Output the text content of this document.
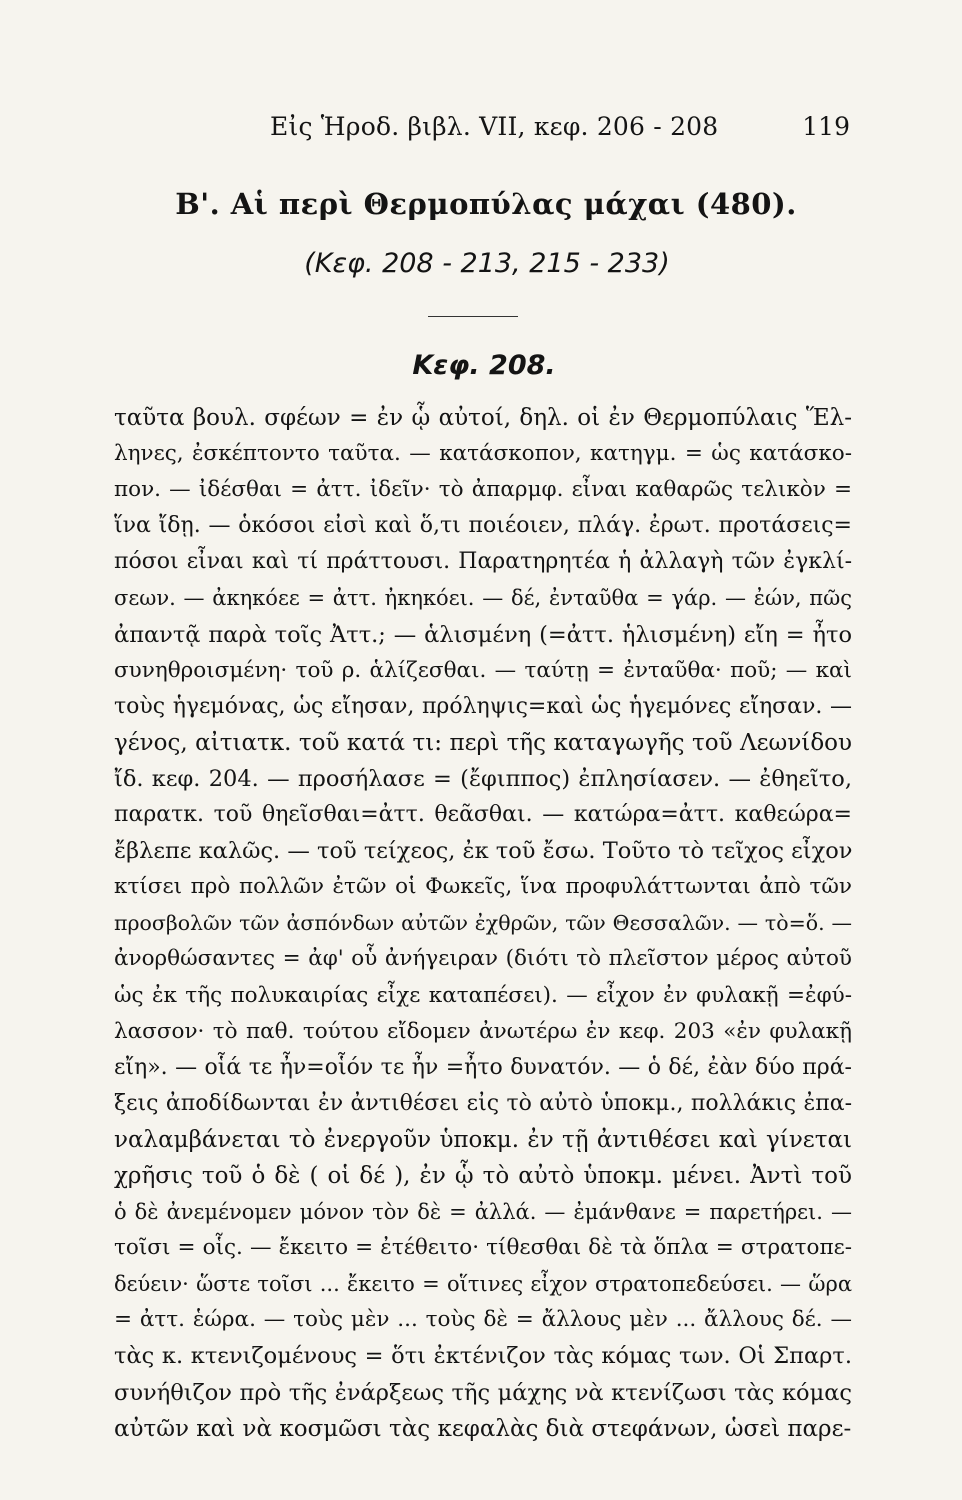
Εἰς Ἡροδ. βιβλ. VII, κεφ. 206 - 208	119
Β'. Αἱ περὶ Θερμοπύλας μάχαι (480).
(Κεφ. 208 - 213, 215 - 233)
Κεφ. 208.
ταῦτα βουλ. σφέων = ἐν ᾧ αὐτοί, δηλ. οἱ ἐν Θερμοπύλαις Ἕλ-
ληνες, ἐσκέπτοντο ταῦτα. — κατάσκοπον, κατηγμ. = ὡς κατάσκο-
πον. — ἰδέσθαι = ἀττ. ἰδεῖν· τὸ ἀπαρμφ. εἶναι καθαρῶς τελικὸν =
ἵνα ἴδῃ. — ὁκόσοι εἰσὶ καὶ ὅ,τι ποιέοιεν, πλάγ. ἐρωτ. προτάσεις=
πόσοι εἶναι καὶ τί πράττουσι. Παρατηρητέα ἡ ἀλλαγὴ τῶν ἐγκλί-
σεων. — ἀκηκόεε = ἀττ. ἠκηκόει. — δέ, ἐνταῦθα = γάρ. — ἐών, πῶς
ἀπαντᾷ παρὰ τοῖς Ἀττ.; — ἁλισμένη (=ἀττ. ἡλισμένη) εἴη = ἦτο
συνηθροισμένη· τοῦ ρ. ἁλίζεσθαι. — ταύτῃ = ἐνταῦθα· ποῦ; — καὶ
τοὺς ἡγεμόνας, ὡς εἴησαν, πρόληψις=καὶ ὡς ἡγεμόνες εἴησαν. —
γένος, αἰτιατκ. τοῦ κατά τι: περὶ τῆς καταγωγῆς τοῦ Λεωνίδου
ἴδ. κεφ. 204. — προσήλασε = (ἔφιππος) ἐπλησίασεν. — ἐθηεῖτο,
παρατκ. τοῦ θηεῖσθαι=ἀττ. θεᾶσθαι. — κατώρα=ἀττ. καθεώρα=
ἔβλεπε καλῶς. — τοῦ τείχεος, ἐκ τοῦ ἔσω. Τοῦτο τὸ τεῖχος εἶχον
κτίσει πρὸ πολλῶν ἐτῶν οἱ Φωκεῖς, ἵνα προφυλάττωνται ἀπὸ τῶν
προσβολῶν τῶν ἀσπόνδων αὐτῶν ἐχθρῶν, τῶν Θεσσαλῶν. — τὸ=ὅ. —
ἀνορθώσαντες = ἀφ' οὗ ἀνήγειραν (διότι τὸ πλεῖστον μέρος αὐτοῦ
ὡς ἐκ τῆς πολυκαιρίας εἶχε καταπέσει). — εἶχον ἐν φυλακῇ =ἐφύ-
λασσον· τὸ παθ. τούτου εἴδομεν ἀνωτέρω ἐν κεφ. 203 «ἐν φυλακῇ
εἴη». — οἷά τε ἦν=οἷόν τε ἦν =ἦτο δυνατόν. — ὁ δέ, ἐὰν δύο πρά-
ξεις ἀποδίδωνται ἐν ἀντιθέσει εἰς τὸ αὐτὸ ὑποκμ., πολλάκις ἐπα-
ναλαμβάνεται τὸ ἐνεργοῦν ὑποκμ. ἐν τῇ ἀντιθέσει καὶ γίνεται
χρῆσις τοῦ ὁ δὲ ( οἱ δέ ), ἐν ᾧ τὸ αὐτὸ ὑποκμ. μένει. Ἀντὶ τοῦ
ὁ δὲ ἀνεμένομεν μόνον τὸν δὲ = ἀλλά. — ἐμάνθανε = παρετήρει. —
τοῖσι = οἷς. — ἔκειτο = ἐτέθειτο· τίθεσθαι δὲ τὰ ὅπλα = στρατοπε-
δεύειν· ὥστε τοῖσι ... ἔκειτο = οἵτινες εἶχον στρατοπεδεύσει. — ὥρα
= ἀττ. ἑώρα. — τοὺς μὲν ... τοὺς δὲ = ἄλλους μὲν ... ἄλλους δέ. —
τὰς κ. κτενιζομένους = ὅτι ἐκτένιζον τὰς κόμας των. Οἱ Σπαρτ.
συνήθιζον πρὸ τῆς ἐνάρξεως τῆς μάχης νὰ κτενίζωσι τὰς κόμας
αὐτῶν καὶ νὰ κοσμῶσι τὰς κεφαλὰς διὰ στεφάνων, ὡσεὶ παρε-
